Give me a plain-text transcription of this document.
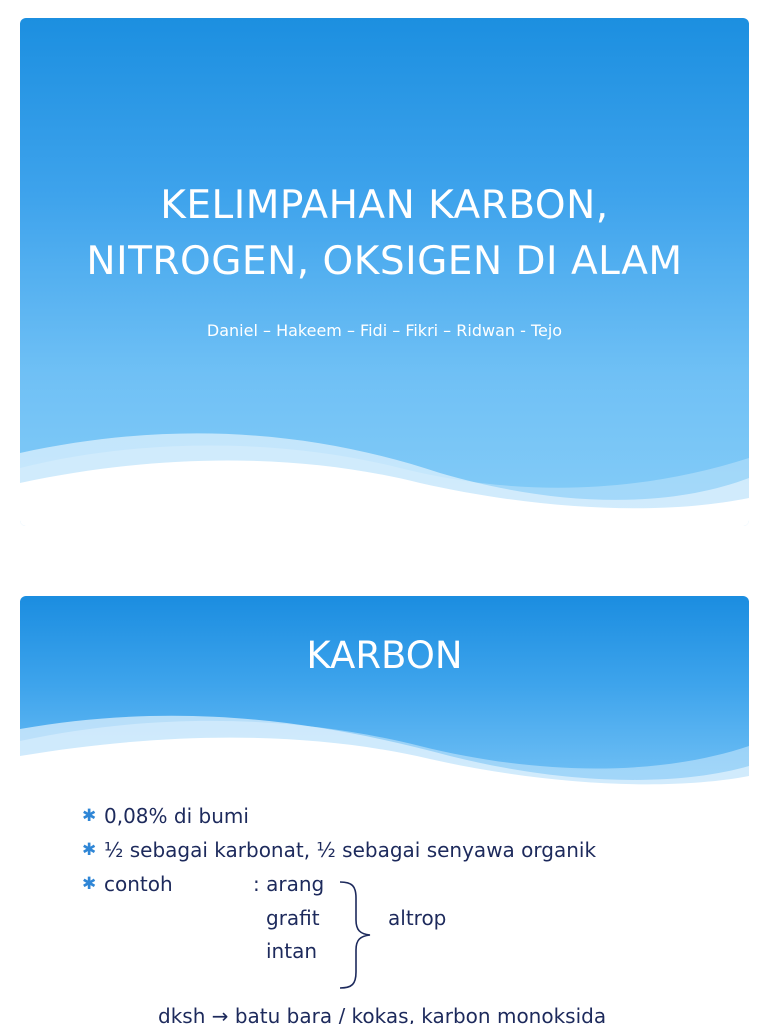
KELIMPAHAN KARBON,
NITROGEN, OKSIGEN DI ALAM

Daniel – Hakeem – Fidi – Fikri – Ridwan - Tejo

KARBON
✱ 0,08% di bumi
✱ ½ sebagai karbonat, ½ sebagai senyawa organik
✱ contoh	: arang
grafit
intan
altrop
dksh → batu bara / kokas, karbon monoksida
